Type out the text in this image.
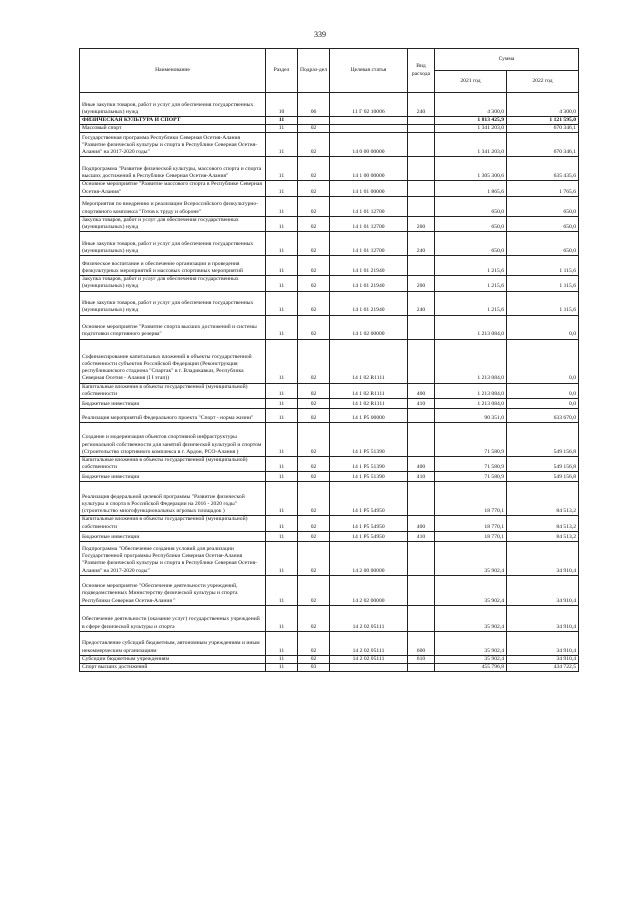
339
Наименование	Раздел	Подраз-дел	Целевая статья	Вид расхода	Сумма	
					2021 год	2022 год
Иные закупки товаров, работ и услуг для обеспечения государственных (муниципальных) нужд	10	06	11 Г 02 10006	240	4 300,0	4 300,0
ФИЗИЧЕСКАЯ КУЛЬТУРА И СПОРТ	11				1 813 425,9	1 121 595,0
Массовый спорт	11	02			1 341 203,0	670 346,1
Государственная программа Республики Северная Осетия-Алания "Развитие физической культуры и спорта в Республике Северная Осетия-Алания" на 2017-2020 годы"	11	02	14 0 00 00000		1 341 203,0	670 346,1
Подпрограмма "Развитие физической культуры, массового спорта и спорта высших достижений в Республике Северная Осетия-Алания"	11	02	14 1 00 00000		1 305 300,6	635 435,6
Основное мероприятие "Развитие массового спорта в Республике Северная Осетия-Алания"	11	02	14 1 01 00000		1 865,6	1 765,6
Мероприятия по внедрению и реализации Всероссийского физкультурно-спортивного комплекса "Готов к труду и обороне"	11	02	14 1 01 12700		650,0	650,0
Закупка товаров, работ и услуг для обеспечения государственных (муниципальных) нужд	11	02	14 1 01 12700	200	650,0	650,0
Иные закупки товаров, работ и услуг для обеспечения государственных (муниципальных) нужд	11	02	14 1 01 12700	240	650,0	650,0
Физическое воспитание и обеспечение организации и проведения физкультурных мероприятий и массовых спортивных мероприятий	11	02	14 1 01 21940		1 215,6	1 115,6
Закупка товаров, работ и услуг для обеспечения государственных (муниципальных) нужд	11	02	14 1 01 21940	200	1 215,6	1 115,6
Иные закупки товаров, работ и услуг для обеспечения государственных (муниципальных) нужд	11	02	14 1 01 21940	240	1 215,6	1 115,6
Основное мероприятие "Развитие спорта высших достижений и системы подготовки спортивного резерва"	11	02	14 1 02 00000		1 213 084,0	0,0
Софинансирование капитальных вложений в объекты государственной собственности субъектов Российской Федерации (Реконструкция республиканского стадиона "Спартак" в г. Владикавказ, Республика Северная Осетия - Алания (I I этап))	11	02	14 1 02 R1111		1 213 084,0	0,0
Капитальные вложения в объекты государственной (муниципальной) собственности	11	02	14 1 02 R1111	400	1 213 084,0	0,0
Бюджетные инвестиции	11	02	14 1 02 R1111	410	1 213 084,0	0,0
Реализация мероприятий Федерального проекта "Спорт - норма жизни"	11	02	14 1 P5 00000		90 351,0	633 670,0
Создание и модернизация объектов спортивной инфраструктуры региональной собственности для занятий физической культурой и спортом (Строительство спортивного комплекса в г. Ардон, РСО-Алания )	11	02	14 1 P5 51390		71 580,9	549 156,8
Капитальные вложения в объекты государственной (муниципальной) собственности	11	02	14 1 P5 51390	400	71 580,9	549 156,8
Бюджетные инвестиции	11	02	14 1 P5 51390	410	71 580,9	549 156,8
Реализация федеральной целевой программы "Развитие физической культуры и спорта в Российской Федерации на 2016 - 2020 годы" (строительство многофункциональных игровых площадок )	11	02	14 1 P5 54950		18 770,1	84 513,2
Капитальные вложения в объекты государственной (муниципальной) собственности	11	02	14 1 P5 54950	400	18 770,1	84 513,2
Бюджетные инвестиции	11	02	14 1 P5 54950	410	18 770,1	84 513,2
Подпрограмма "Обеспечение создания условий для реализации Государственной программы Республики Северная Осетия-Алания "Развитие физической культуры и спорта в Республике Северная Осетия-Алания" на 2017-2020 годы"	11	02	14 2 00 00000		35 902,4	34 910,4
Основное мероприятие "Обеспечение деятельности учреждений, подведомственных Министерству физической культуры и спорта Республики Северная Осетия-Алания "	11	02	14 2 02 00000		35 902,4	34 910,4
Обеспечение деятельности (оказание услуг) государственных учреждений в сфере физической культуры и спорта	11	02	14 2 02 05111		35 902,4	34 910,4
Предоставление субсидий бюджетным, автономным учреждениям и иным некоммерческим организациям	11	02	14 2 02 05111	600	35 902,4	34 910,4
Субсидии бюджетным учреждениям	11	02	14 2 02 05111	610	35 902,4	34 910,4
Спорт высших достижений	11	03			455 796,8	434 722,5
